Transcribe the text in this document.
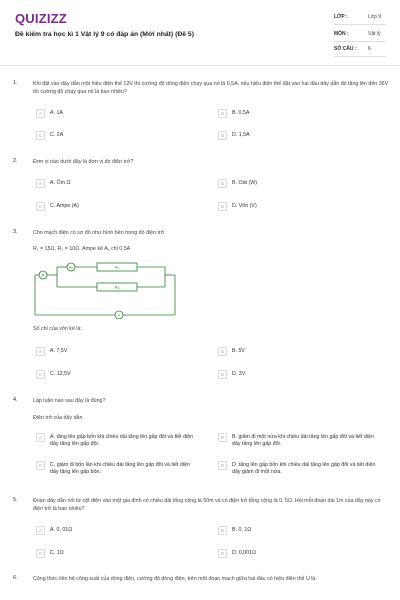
QUIZIZZ
Đề kiểm tra học kì 1 Vật lý 9 có đáp án (Mới nhất) (Đề 5)
LỚP :	Lớp 9
MÔN :	Vật lý
SỐ CÂU : 6
1.	Khi đặt vào dây dẫn một hiệu điện thế 12V thì cường độ dòng điện chạy qua nó là 0,5A. nếu hiệu điện thế đặt vào hai đầu dây dẫn đó tăng lên đến 36V thì cường độ chạy qua nó là bao nhiêu?
A	A. 1A	B	B. 0,5A
C	C. 2A	D	D. 1,5A
2.	Đơn vị nào dưới đây là đơn vị đo điện trở?
A	A. Ôm Ω	B	B. Oát (W)
C	C. Ampe (A)	D	D. Vôn (V)
3.	Cho mạch điện có sơ đồ như hình bên trong đó điện trở
R₁ = 15Ω, R₂ = 10Ω. Ampe kế A₁ chỉ 0,5A
R₁
R₂
A
A₁
V
Số chỉ của vôn kế là:
A	A. 7,5V	B	B. 5V
C	C. 12,5V	D	D. 3V
4.	Lập luận nào sau đây là đúng?
Điện trở của dây dẫn
A	A. tăng lên gấp bốn khi chiều dài tăng lên gấp đôi và tiết diện dây tăng lên gấp đôi.
B	B. giảm đi một nửa khi chiều dài tăng lên gấp đôi và tiết diện dây tăng lên gấp đôi.
C	C. giảm đi bốn lần khi chiều dài tăng lên gấp đôi và tiết diện dây tăng lên gấp bốn.
D	D. tăng lên gấp bốn khi chiều dài tăng lên gấp đôi và tiết diện dây giảm đi một nửa.
5.	Đoạn dây dẫn nối từ cột điện vào một gia đình có chiều dài tổng cộng là 50m và có điện trở tổng cộng là 0, 5Ω. Hỏi mỗi đoạn dài 1m của dây này có điện trở là bao nhiêu?
A	A. 0, 01Ω	B	B. 0, 1Ω
C	C. 1Ω	D	D. 0,001Ω
6.	Công thức liên hệ công suất của dòng điện, cường độ dòng điện, trên một đoạn mạch giữa hai đầu có hiệu điện thế U là:
